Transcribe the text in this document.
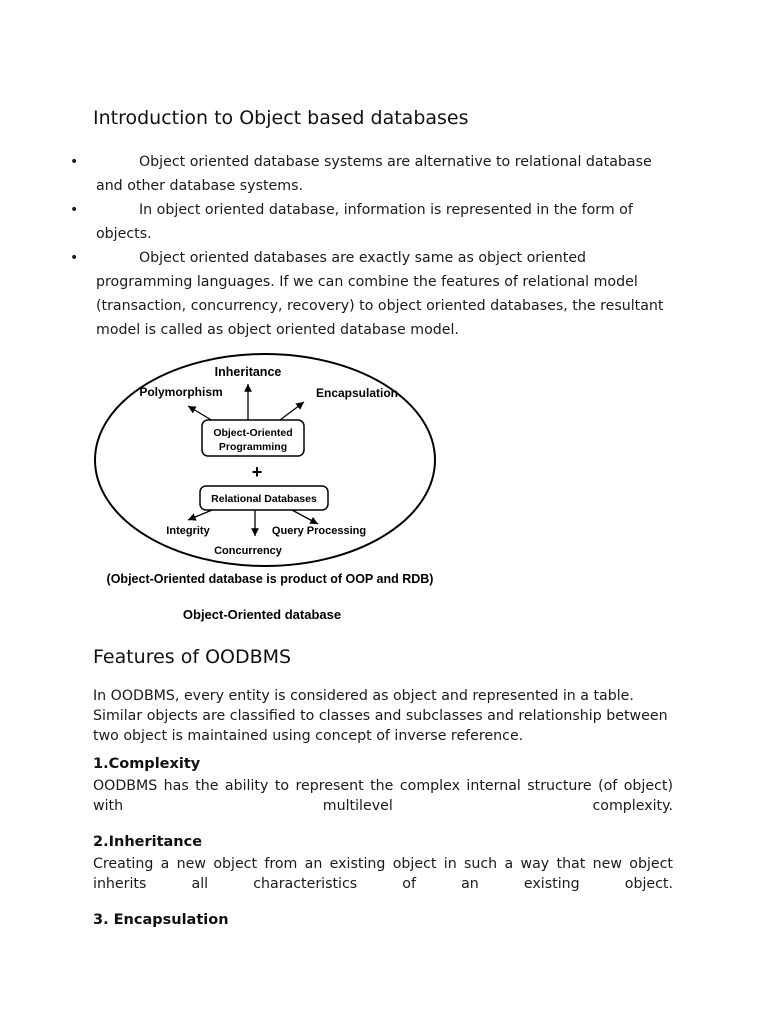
Introduction to Object based databases
•	Object oriented database systems are alternative to relational database and other database systems.
•	In object oriented database, information is represented in the form of objects.
•	Object oriented databases are exactly same as object oriented programming languages. If we can combine the features of relational model (transaction, concurrency, recovery) to object oriented databases, the resultant model is called as object oriented database model.
Inheritance
Polymorphism	Encapsulation
Object-Oriented
Programming
+
Relational Databases
Integrity	Query Processing
Concurrency
(Object-Oriented database is product of OOP and RDB)
Object-Oriented database
Features of OODBMS
In OODBMS, every entity is considered as object and represented in a table. Similar objects are classified to classes and subclasses and relationship between two object is maintained using concept of inverse reference.
1.Complexity
OODBMS has the ability to represent the complex internal structure (of object) with multilevel complexity.
2.Inheritance
Creating a new object from an existing object in such a way that new object inherits all characteristics of an existing object.
3. Encapsulation
